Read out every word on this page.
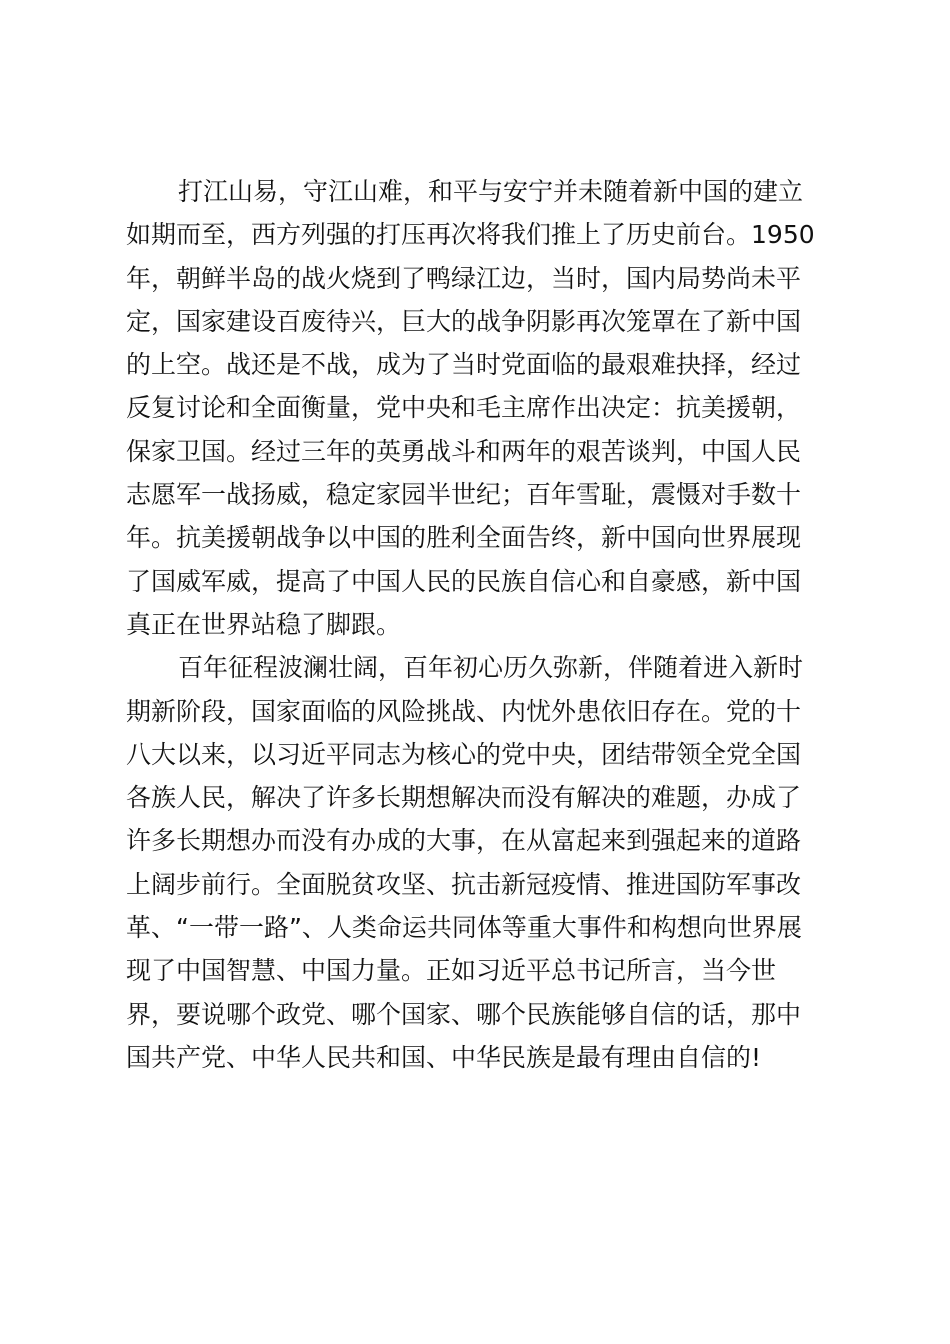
打江山易，守江山难，和平与安宁并未随着新中国的建立
如期而至，西方列强的打压再次将我们推上了历史前台。1950
年，朝鲜半岛的战火烧到了鸭绿江边，当时，国内局势尚未平
定，国家建设百废待兴，巨大的战争阴影再次笼罩在了新中国
的上空。战还是不战，成为了当时党面临的最艰难抉择，经过
反复讨论和全面衡量，党中央和毛主席作出决定：抗美援朝，
保家卫国。经过三年的英勇战斗和两年的艰苦谈判，中国人民
志愿军一战扬威，稳定家园半世纪；百年雪耻，震慑对手数十
年。抗美援朝战争以中国的胜利全面告终，新中国向世界展现
了国威军威，提高了中国人民的民族自信心和自豪感，新中国
真正在世界站稳了脚跟。
百年征程波澜壮阔，百年初心历久弥新，伴随着进入新时
期新阶段，国家面临的风险挑战、内忧外患依旧存在。党的十
八大以来，以习近平同志为核心的党中央，团结带领全党全国
各族人民，解决了许多长期想解决而没有解决的难题，办成了
许多长期想办而没有办成的大事，在从富起来到强起来的道路
上阔步前行。全面脱贫攻坚、抗击新冠疫情、推进国防军事改
革、“一带一路”、人类命运共同体等重大事件和构想向世界展
现了中国智慧、中国力量。正如习近平总书记所言，当今世
界，要说哪个政党、哪个国家、哪个民族能够自信的话，那中
国共产党、中华人民共和国、中华民族是最有理由自信的!
